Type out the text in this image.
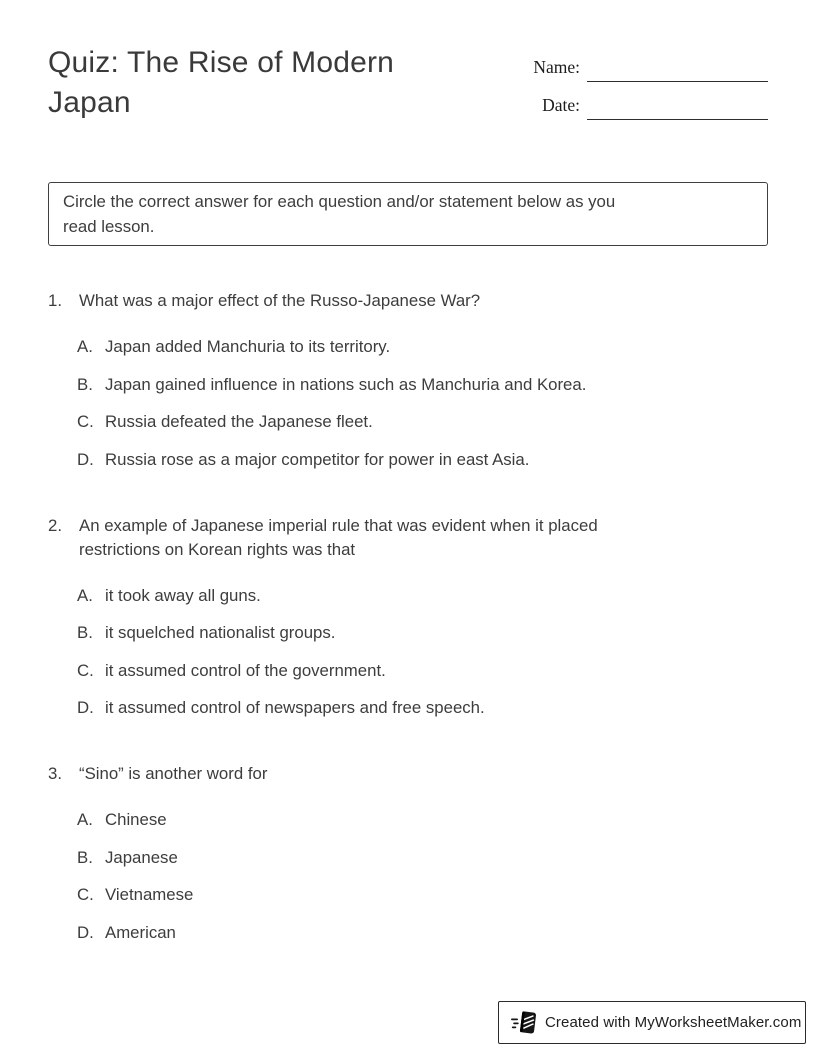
Quiz: The Rise of Modern Japan
Name:
Date:
Circle the correct answer for each question and/or statement below as you
read lesson.
1.	What was a major effect of the Russo-Japanese War?
A. Japan added Manchuria to its territory.
B. Japan gained influence in nations such as Manchuria and Korea.
C. Russia defeated the Japanese fleet.
D. Russia rose as a major competitor for power in east Asia.
2.	An example of Japanese imperial rule that was evident when it placed
restrictions on Korean rights was that
A. it took away all guns.
B. it squelched nationalist groups.
C. it assumed control of the government.
D. it assumed control of newspapers and free speech.
3.	“Sino” is another word for
A. Chinese
B. Japanese
C. Vietnamese
D. American
Created with MyWorksheetMaker.com
